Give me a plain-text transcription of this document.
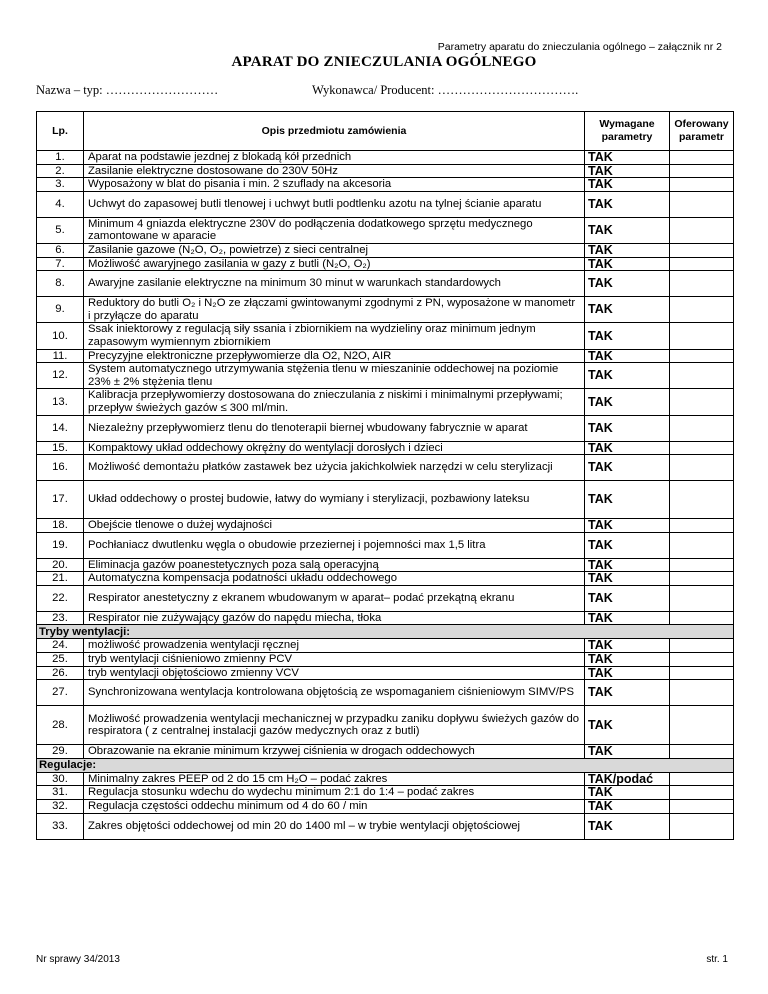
Parametry aparatu do znieczulania ogólnego – załącznik nr 2
APARAT DO ZNIECZULANIA OGÓLNEGO
Nazwa – typ: ………………………	Wykonawca/ Producent: …………………………….
Lp.	Opis przedmiotu zamówienia	Wymagane parametry	Oferowany parametr
1.	Aparat na podstawie jezdnej z blokadą kół przednich	TAK	
2.	Zasilanie elektryczne dostosowane do 230V 50Hz	TAK	
3.	Wyposażony w blat do pisania i min. 2 szuflady na akcesoria	TAK	
4.	Uchwyt do zapasowej butli tlenowej i uchwyt butli podtlenku azotu na tylnej ścianie aparatu	TAK	
5.	Minimum 4 gniazda elektryczne 230V do podłączenia dodatkowego sprzętu medycznego zamontowane w aparacie	TAK	
6.	Zasilanie gazowe (N₂O, O₂, powietrze) z sieci centralnej	TAK	
7.	Możliwość awaryjnego zasilania w gazy z butli (N₂O, O₂)	TAK	
8.	Awaryjne zasilanie elektryczne na minimum 30 minut w warunkach standardowych	TAK	
9.	Reduktory do butli O₂ i N₂O ze złączami gwintowanymi zgodnymi z PN, wyposażone w manometr i przyłącze do aparatu	TAK	
10.	Ssak iniektorowy z regulacją siły ssania i zbiornikiem na wydzieliny oraz minimum jednym zapasowym wymiennym zbiornikiem	TAK	
11.	Precyzyjne elektroniczne przepływomierze dla O2, N2O, AIR	TAK	
12.	System automatycznego utrzymywania stężenia tlenu w mieszaninie oddechowej na poziomie 23% ± 2% stężenia tlenu	TAK	
13.	Kalibracja przepływomierzy dostosowana do znieczulania z niskimi i minimalnymi przepływami; przepływ świeżych gazów ≤ 300 ml/min.	TAK	
14.	Niezależny przepływomierz tlenu do tlenoterapii biernej wbudowany fabrycznie w aparat	TAK	
15.	Kompaktowy układ oddechowy okrężny do wentylacji dorosłych i dzieci	TAK	
16.	Możliwość demontażu płatków zastawek bez użycia jakichkolwiek narzędzi w celu sterylizacji	TAK	
17.	Układ oddechowy o prostej budowie, łatwy do wymiany i sterylizacji, pozbawiony lateksu	TAK	
18.	Obejście tlenowe o dużej wydajności	TAK	
19.	Pochłaniacz dwutlenku węgla o obudowie przeziernej i pojemności max 1,5 litra	TAK	
20.	Eliminacja gazów poanestetycznych poza salą operacyjną	TAK	
21.	Automatyczna kompensacja podatności układu oddechowego	TAK	
22.	Respirator anestetyczny z ekranem wbudowanym w aparat– podać przekątną ekranu	TAK	
23.	Respirator nie zużywający gazów do napędu miecha, tłoka	TAK	
Tryby wentylacji:			
24.	możliwość prowadzenia wentylacji ręcznej	TAK	
25.	tryb wentylacji ciśnieniowo zmienny PCV	TAK	
26.	tryb wentylacji objętościowo zmienny VCV	TAK	
27.	Synchronizowana wentylacja kontrolowana objętością ze wspomaganiem ciśnieniowym SIMV/PS	TAK	
28.	Możliwość prowadzenia wentylacji mechanicznej w przypadku zaniku dopływu świeżych gazów do respiratora ( z centralnej instalacji gazów medycznych oraz z butli)	TAK	
29.	Obrazowanie na ekranie minimum krzywej ciśnienia w drogach oddechowych	TAK	
Regulacje:			
30.	Minimalny zakres PEEP od 2 do 15 cm H₂O – podać zakres	TAK/podać	
31.	Regulacja stosunku wdechu do wydechu minimum 2:1 do 1:4 – podać zakres	TAK	
32.	Regulacja częstości oddechu minimum od 4 do 60 / min	TAK	
33.	Zakres objętości oddechowej od min 20 do 1400 ml – w trybie wentylacji objętościowej	TAK	
Nr sprawy 34/2013	str. 1
